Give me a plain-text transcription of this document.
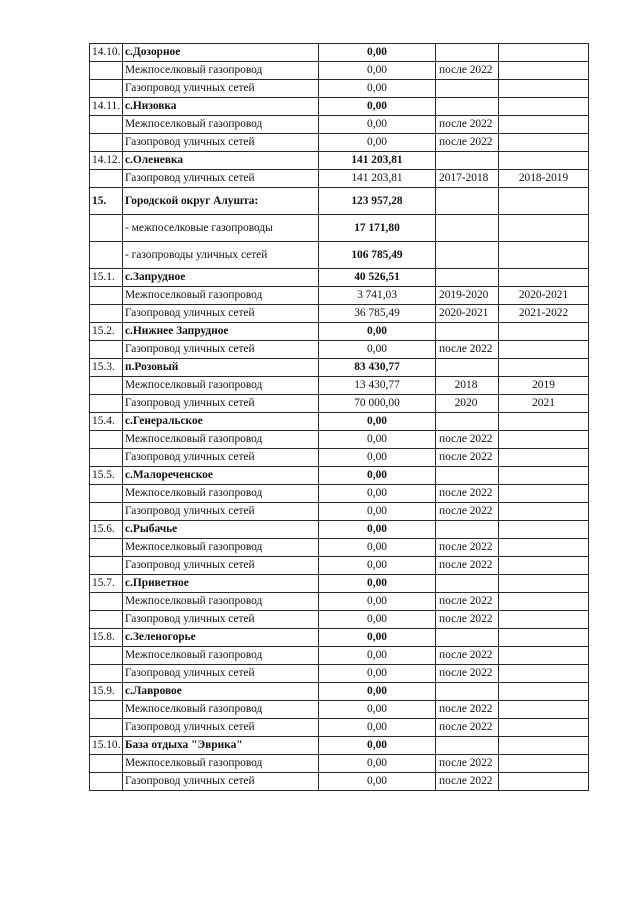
14.10.	с.Дозорное	0,00		
	Межпоселковый газопровод	0,00	после 2022	
	Газопровод уличных сетей	0,00		
14.11.	с.Низовка	0,00		
	Межпоселковый газопровод	0,00	после 2022	
	Газопровод уличных сетей	0,00	после 2022	
14.12.	с.Оленевка	141 203,81		
	Газопровод уличных сетей	141 203,81	2017-2018	2018-2019
15.	Городской округ Алушта:	123 957,28		
	- межпоселковые газопроводы	17 171,80		
	- газопроводы уличных сетей	106 785,49		
15.1.	с.Запрудное	40 526,51		
	Межпоселковый газопровод	3 741,03	2019-2020	2020-2021
	Газопровод уличных сетей	36 785,49	2020-2021	2021-2022
15.2.	с.Нижнее Запрудное	0,00		
	Газопровод уличных сетей	0,00	после 2022	
15.3.	п.Розовый	83 430,77		
	Межпоселковый газопровод	13 430,77	2018	2019
	Газопровод уличных сетей	70 000,00	2020	2021
15.4.	с.Генеральское	0,00		
	Межпоселковый газопровод	0,00	после 2022	
	Газопровод уличных сетей	0,00	после 2022	
15.5.	с.Малореченское	0,00		
	Межпоселковый газопровод	0,00	после 2022	
	Газопровод уличных сетей	0,00	после 2022	
15.6.	с.Рыбачье	0,00		
	Межпоселковый газопровод	0,00	после 2022	
	Газопровод уличных сетей	0,00	после 2022	
15.7.	с.Приветное	0,00		
	Межпоселковый газопровод	0,00	после 2022	
	Газопровод уличных сетей	0,00	после 2022	
15.8.	с.Зеленогорье	0,00		
	Межпоселковый газопровод	0,00	после 2022	
	Газопровод уличных сетей	0,00	после 2022	
15.9.	с.Лавровое	0,00		
	Межпоселковый газопровод	0,00	после 2022	
	Газопровод уличных сетей	0,00	после 2022	
15.10.	База отдыха "Эврика"	0,00		
	Межпоселковый газопровод	0,00	после 2022	
	Газопровод уличных сетей	0,00	после 2022	
